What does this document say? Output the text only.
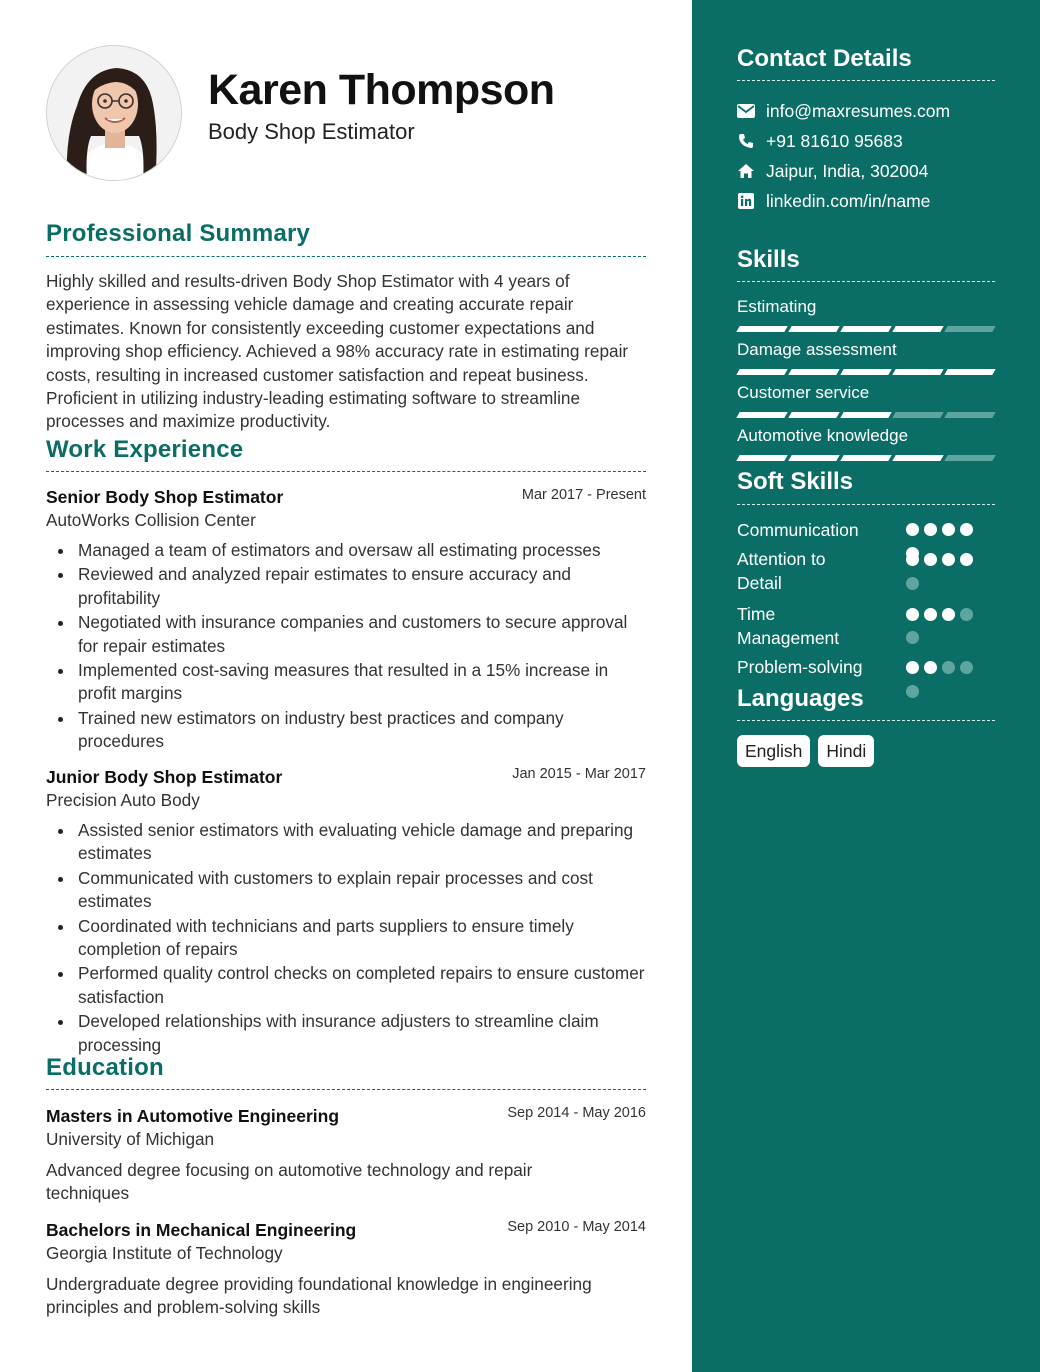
Karen Thompson
Body Shop Estimator
Professional Summary
Highly skilled and results-driven Body Shop Estimator with 4 years of experience in assessing vehicle damage and creating accurate repair estimates. Known for consistently exceeding customer expectations and improving shop efficiency. Achieved a 98% accuracy rate in estimating repair costs, resulting in increased customer satisfaction and repeat business. Proficient in utilizing industry-leading estimating software to streamline processes and maximize productivity.
Work Experience
Senior Body Shop Estimator	Mar 2017 - Present
AutoWorks Collision Center
Managed a team of estimators and oversaw all estimating processes
Reviewed and analyzed repair estimates to ensure accuracy and profitability
Negotiated with insurance companies and customers to secure approval for repair estimates
Implemented cost-saving measures that resulted in a 15% increase in profit margins
Trained new estimators on industry best practices and company procedures
Junior Body Shop Estimator	Jan 2015 - Mar 2017
Precision Auto Body
Assisted senior estimators with evaluating vehicle damage and preparing estimates
Communicated with customers to explain repair processes and cost estimates
Coordinated with technicians and parts suppliers to ensure timely completion of repairs
Performed quality control checks on completed repairs to ensure customer satisfaction
Developed relationships with insurance adjusters to streamline claim processing
Education
Masters in Automotive Engineering	Sep 2014 - May 2016
University of Michigan
Advanced degree focusing on automotive technology and repair techniques
Bachelors in Mechanical Engineering	Sep 2010 - May 2014
Georgia Institute of Technology
Undergraduate degree providing foundational knowledge in engineering principles and problem-solving skills
Contact Details
info@maxresumes.com
+91 81610 95683
Jaipur, India, 302004
linkedin.com/in/name
Skills
Estimating
Damage assessment
Customer service
Automotive knowledge
Soft Skills
Communication
Attention to Detail
Time Management
Problem-solving
Languages
English	Hindi
